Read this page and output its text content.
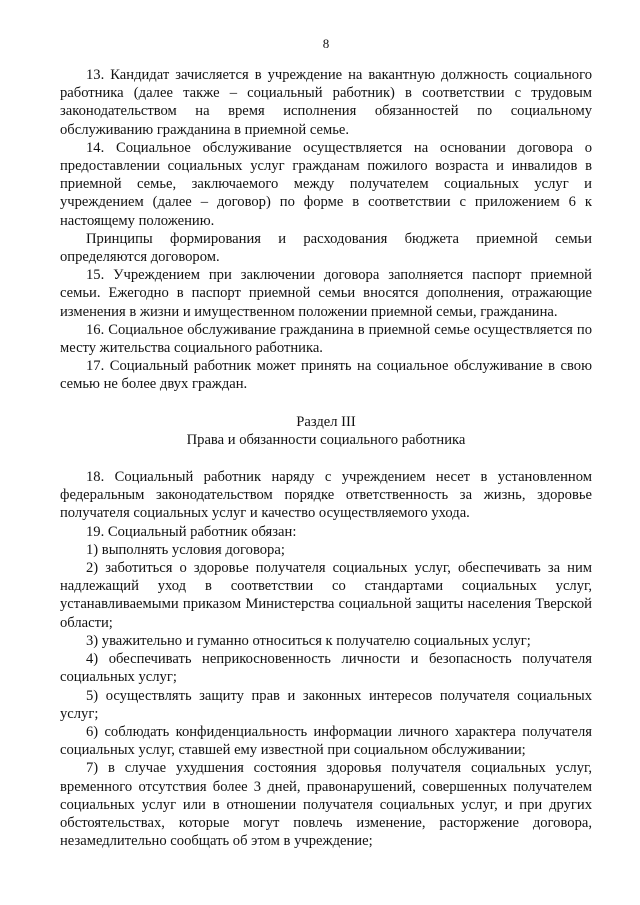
8

13. Кандидат зачисляется в учреждение на вакантную должность социального работника (далее также – социальный работник) в соответствии с трудовым законодательством на время исполнения обязанностей по социальному обслуживанию гражданина в приемной семье.

14. Социальное обслуживание осуществляется на основании договора о предоставлении социальных услуг гражданам пожилого возраста и инвалидов в приемной семье, заключаемого между получателем социальных услуг и учреждением (далее – договор) по форме в соответствии с приложением 6 к настоящему положению.

Принципы формирования и расходования бюджета приемной семьи определяются договором.

15. Учреждением при заключении договора заполняется паспорт приемной семьи. Ежегодно в паспорт приемной семьи вносятся дополнения, отражающие изменения в жизни и имущественном положении приемной семьи, гражданина.

16. Социальное обслуживание гражданина в приемной семье осуществляется по месту жительства социального работника.

17. Социальный работник может принять на социальное обслуживание в свою семью не более двух граждан.

Раздел III
Права и обязанности социального работника

18. Социальный работник наряду с учреждением несет в установленном федеральным законодательством порядке ответственность за жизнь, здоровье получателя социальных услуг и качество осуществляемого ухода.

19. Социальный работник обязан:

1) выполнять условия договора;

2) заботиться о здоровье получателя социальных услуг, обеспечивать за ним надлежащий уход в соответствии со стандартами социальных услуг, устанавливаемыми приказом Министерства социальной защиты населения Тверской области;

3) уважительно и гуманно относиться к получателю социальных услуг;

4) обеспечивать неприкосновенность личности и безопасность получателя социальных услуг;

5) осуществлять защиту прав и законных интересов получателя социальных услуг;

6) соблюдать конфиденциальность информации личного характера получателя социальных услуг, ставшей ему известной при социальном обслуживании;

7) в случае ухудшения состояния здоровья получателя социальных услуг, временного отсутствия более 3 дней, правонарушений, совершенных получателем социальных услуг или в отношении получателя социальных услуг, и при других обстоятельствах, которые могут повлечь изменение, расторжение договора, незамедлительно сообщать об этом в учреждение;
